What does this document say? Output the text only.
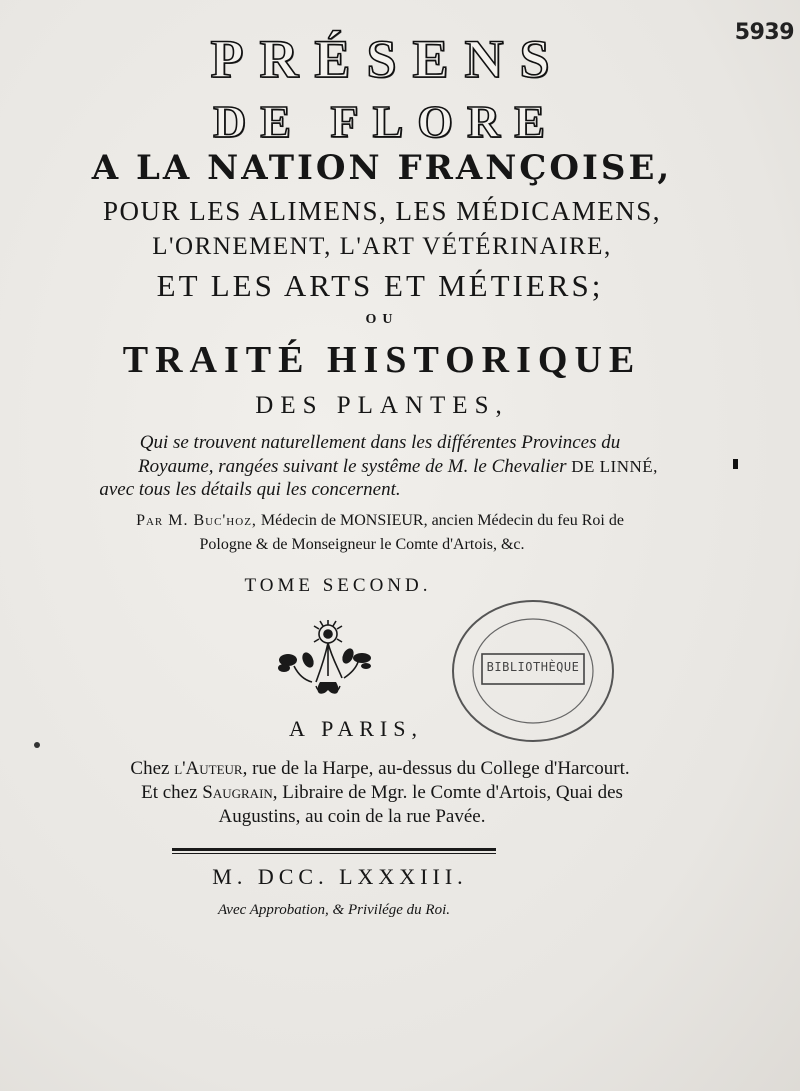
5939
PRÉSENS
DE FLORE
A LA NATION FRANÇOISE,
POUR LES ALIMENS, LES MÉDICAMENS,
L'ORNEMENT, L'ART VÉTÉRINAIRE,
ET LES ARTS ET MÉTIERS;
OU
TRAITÉ HISTORIQUE
DES PLANTES,
Qui se trouvent naturellement dans les différentes Provinces du
Royaume, rangées suivant le systême de M. le Chevalier DE LINNÉ,
avec tous les détails qui les concernent.
Par M. Buc'hoz, Médecin de MONSIEUR, ancien Médecin du feu Roi de
Pologne & de Monseigneur le Comte d'Artois, &c.
TOME SECOND.
BIBLIOTHÈQUE
A PARIS,
Chez l'Auteur, rue de la Harpe, au-dessus du College d'Harcourt.
Et chez Saugrain, Libraire de Mgr. le Comte d'Artois, Quai des
Augustins, au coin de la rue Pavée.
M. DCC. LXXXIII.
Avec Approbation, & Privilége du Roi.
